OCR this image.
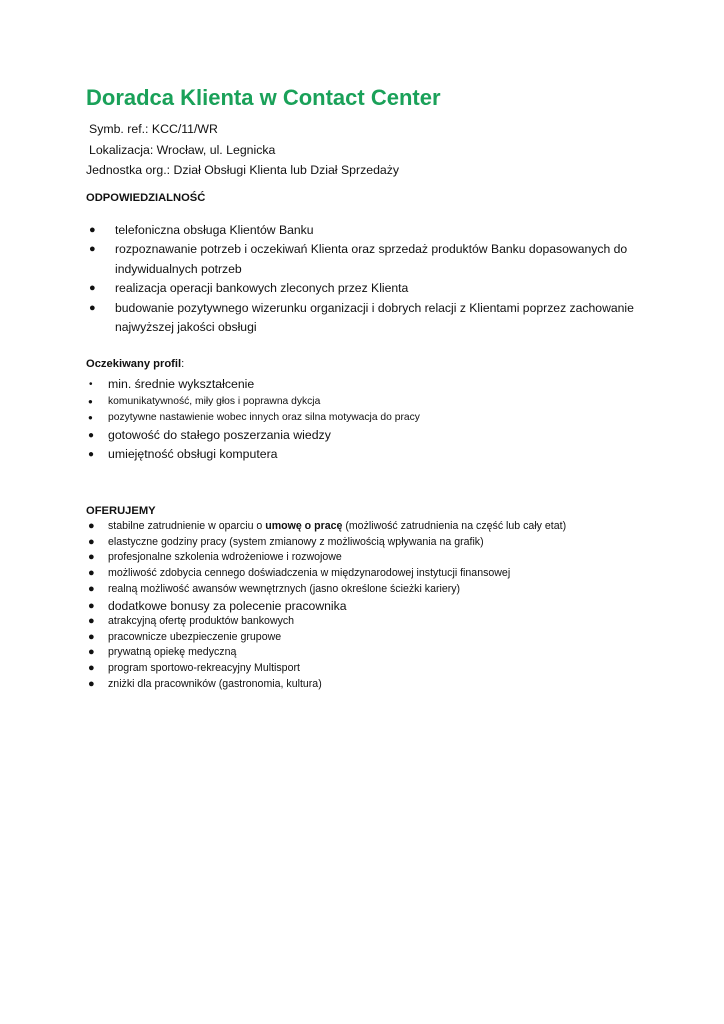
Doradca Klienta w Contact Center
Symb. ref.: KCC/11/WR
Lokalizacja: Wrocław, ul. Legnicka
Jednostka org.: Dział Obsługi Klienta lub Dział Sprzedaży
ODPOWIEDZIALNOŚĆ
● telefoniczna obsługa Klientów Banku
● rozpoznawanie potrzeb i oczekiwań Klienta oraz sprzedaż produktów Banku dopasowanych do indywidualnych potrzeb
● realizacja operacji bankowych zleconych przez Klienta
● budowanie pozytywnego wizerunku organizacji i dobrych relacji z Klientami poprzez zachowanie najwyższej jakości obsługi
Oczekiwany profil:
• min. średnie wykształcenie
● komunikatywność, miły głos i poprawna dykcja
● pozytywne nastawienie wobec innych oraz silna motywacja do pracy
● gotowość do stałego poszerzania wiedzy
● umiejętność obsługi komputera
OFERUJEMY
● stabilne zatrudnienie w oparciu o umowę o pracę (możliwość zatrudnienia na część lub cały etat)
● elastyczne godziny pracy (system zmianowy z możliwością wpływania na grafik)
● profesjonalne szkolenia wdrożeniowe i rozwojowe
● możliwość zdobycia cennego doświadczenia w międzynarodowej instytucji finansowej
● realną możliwość awansów wewnętrznych (jasno określone ścieżki kariery)
● dodatkowe bonusy za polecenie pracownika
● atrakcyjną ofertę produktów bankowych
● pracownicze ubezpieczenie grupowe
● prywatną opiekę medyczną
● program sportowo-rekreacyjny Multisport
● zniżki dla pracowników (gastronomia, kultura)
